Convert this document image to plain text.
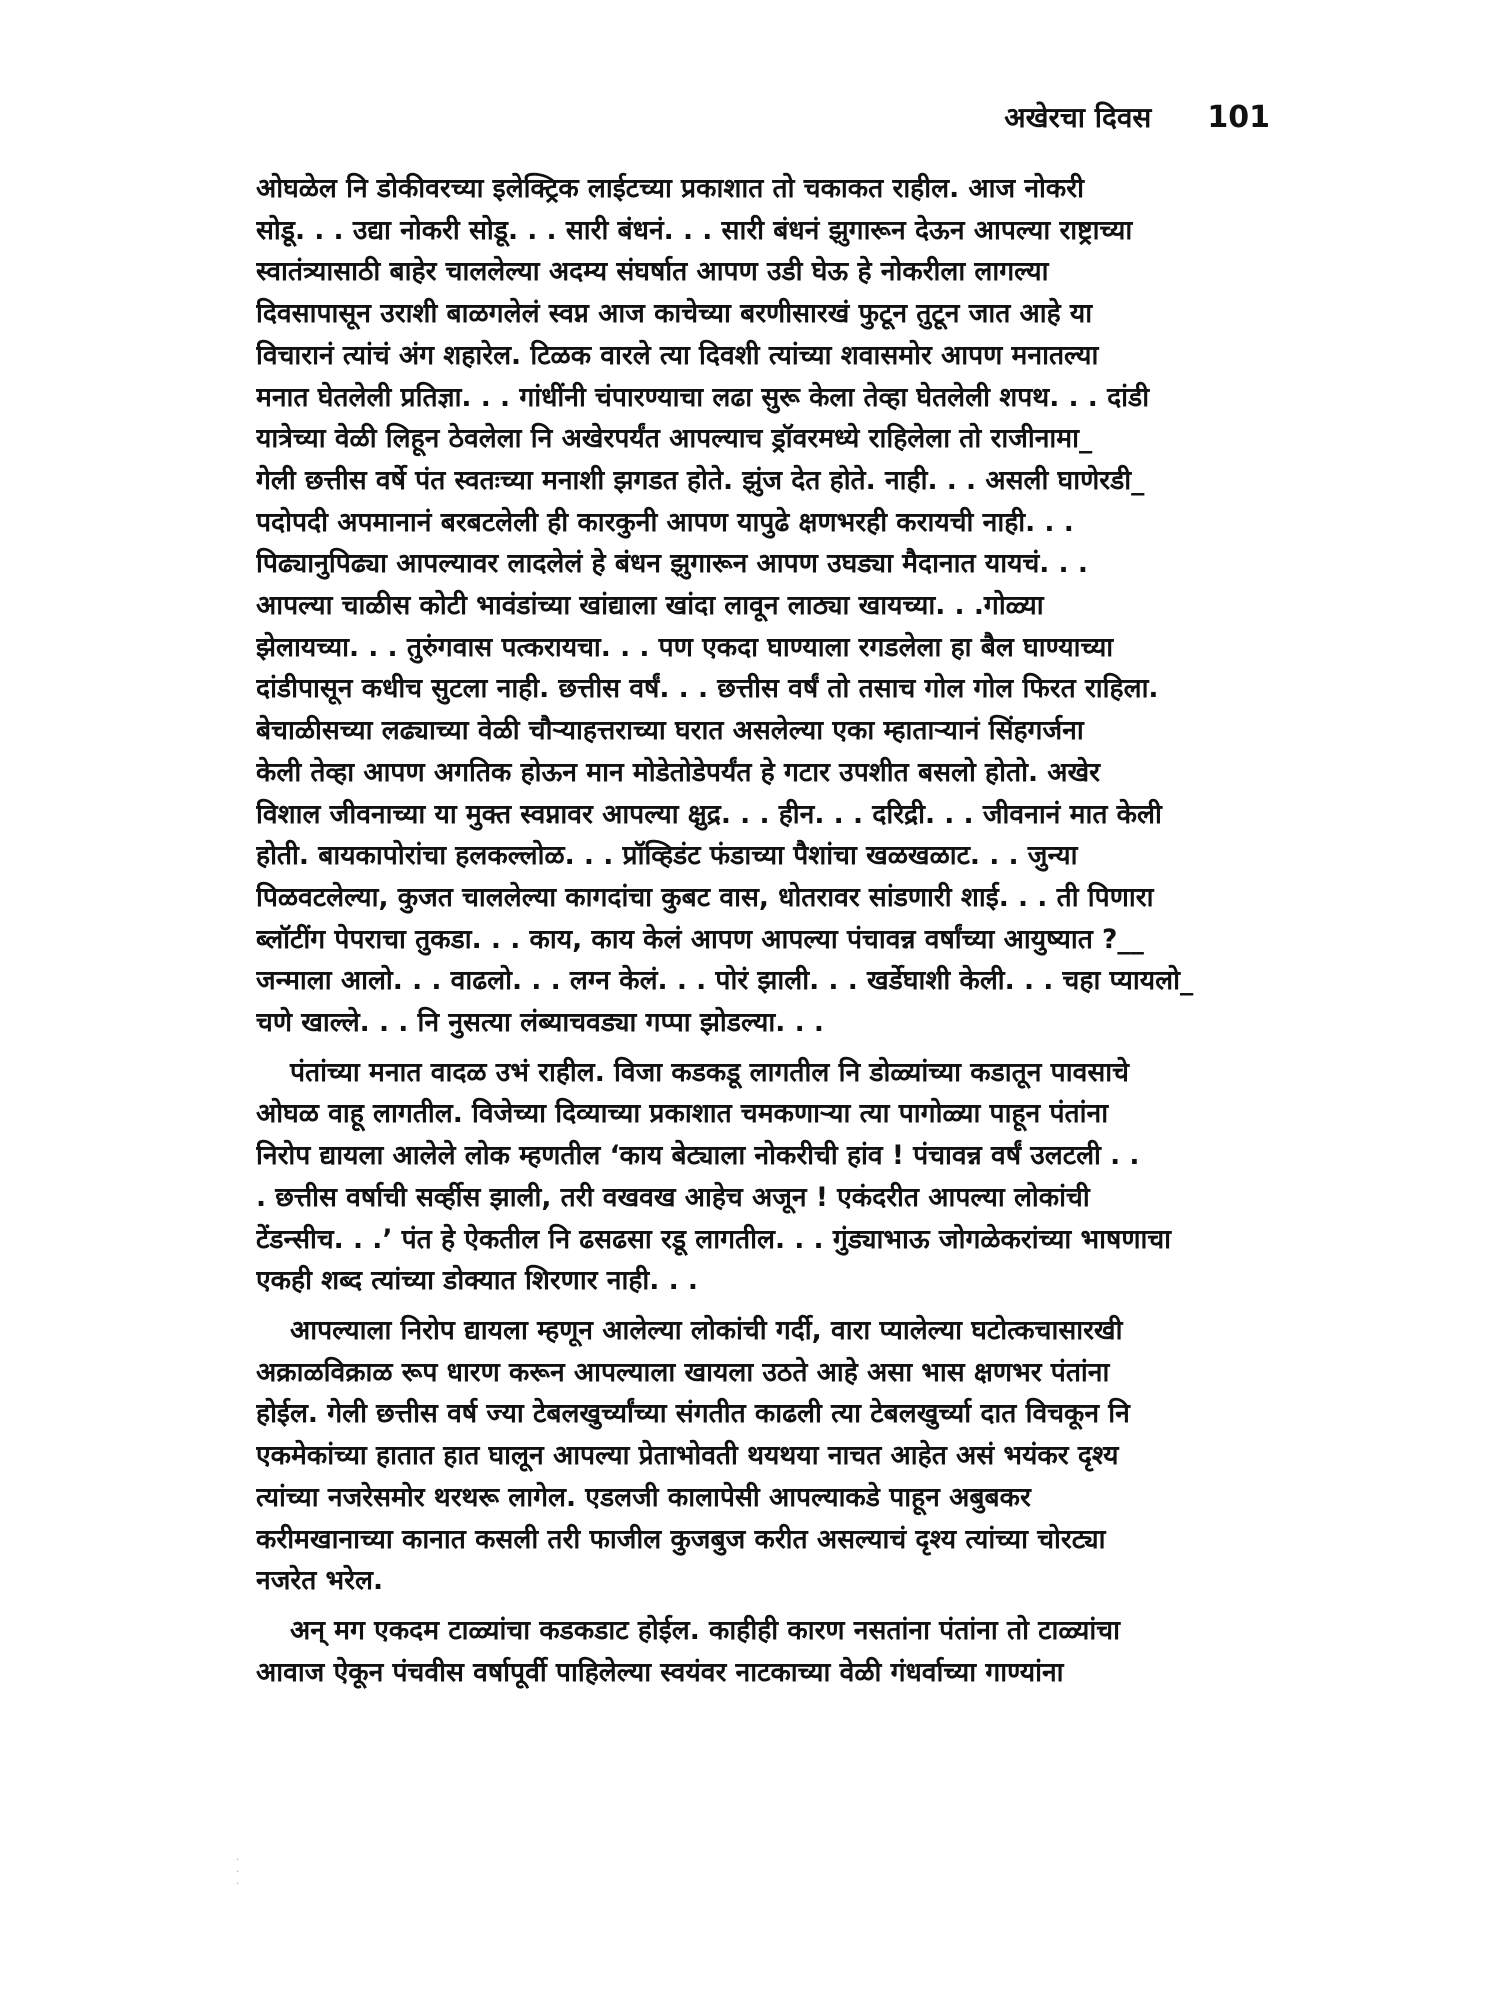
अखेरचा दिवस 101
ओघळेल नि डोकीवरच्या इलेक्ट्रिक लाईटच्या प्रकाशात तो चकाकत राहील. आज नोकरी
सोडू. . . उद्या नोकरी सोडू. . . सारी बंधनं. . . सारी बंधनं झुगारून देऊन आपल्या राष्ट्राच्या
स्वातंत्र्यासाठी बाहेर चाललेल्या अदम्य संघर्षात आपण उडी घेऊ हे नोकरीला लागल्या
दिवसापासून उराशी बाळगलेलं स्वप्न आज काचेच्या बरणीसारखं फुटून तुटून जात आहे या
विचारानं त्यांचं अंग शहारेल. टिळक वारले त्या दिवशी त्यांच्या शवासमोर आपण मनातल्या
मनात घेतलेली प्रतिज्ञा. . . गांधींनी चंपारण्याचा लढा सुरू केला तेव्हा घेतलेली शपथ. . . दांडी
यात्रेच्या वेळी लिहून ठेवलेला नि अखेरपर्यंत आपल्याच ड्रॉवरमध्ये राहिलेला तो राजीनामा_
गेली छत्तीस वर्षे पंत स्वतःच्या मनाशी झगडत होते. झुंज देत होते. नाही. . . असली घाणेरडी_
पदोपदी अपमानानं बरबटलेली ही कारकुनी आपण यापुढे क्षणभरही करायची नाही. . .
पिढ्यानुपिढ्या आपल्यावर लादलेलं हे बंधन झुगारून आपण उघड्या मैदानात यायचं. . .
आपल्या चाळीस कोटी भावंडांच्या खांद्याला खांदा लावून लाठ्या खायच्या. . .गोळ्या
झेलायच्या. . . तुरुंगवास पत्करायचा. . . पण एकदा घाण्याला रगडलेला हा बैल घाण्याच्या
दांडीपासून कधीच सुटला नाही. छत्तीस वर्षं. . . छत्तीस वर्षं तो तसाच गोल गोल फिरत राहिला.
बेचाळीसच्या लढ्याच्या वेळी चौऱ्याहत्तराच्या घरात असलेल्या एका म्हाताऱ्यानं सिंहगर्जना
केली तेव्हा आपण अगतिक होऊन मान मोडेतोडेपर्यंत हे गटार उपशीत बसलो होतो. अखेर
विशाल जीवनाच्या या मुक्त स्वप्नावर आपल्या क्षुद्र. . . हीन. . . दरिद्री. . . जीवनानं मात केली
होती. बायकापोरांचा हलकल्लोळ. . . प्रॉव्हिडंट फंडाच्या पैशांचा खळखळाट. . . जुन्या
पिळवटलेल्या, कुजत चाललेल्या कागदांचा कुबट वास, धोतरावर सांडणारी शाई. . . ती पिणारा
ब्लॉटींग पेपराचा तुकडा. . . काय, काय केलं आपण आपल्या पंचावन्न वर्षांच्या आयुष्यात ?__
जन्माला आलो. . . वाढलो. . . लग्न केलं. . . पोरं झाली. . . खर्डेघाशी केली. . . चहा प्यायलो_
चणे खाल्ले. . . नि नुसत्या लंब्याचवड्या गप्पा झोडल्या. . .
पंतांच्या मनात वादळ उभं राहील. विजा कडकडू लागतील नि डोळ्यांच्या कडातून पावसाचे
ओघळ वाहू लागतील. विजेच्या दिव्याच्या प्रकाशात चमकणाऱ्या त्या पागोळ्या पाहून पंतांना
निरोप द्यायला आलेले लोक म्हणतील ‘काय बेट्याला नोकरीची हांव ! पंचावन्न वर्षं उलटली . .
. छत्तीस वर्षाची सर्व्हीस झाली, तरी वखवख आहेच अजून ! एकंदरीत आपल्या लोकांची
टेंडन्सीच. . .’ पंत हे ऐकतील नि ढसढसा रडू लागतील. . . गुंड्याभाऊ जोगळेकरांच्या भाषणाचा
एकही शब्द त्यांच्या डोक्यात शिरणार नाही. . .
आपल्याला निरोप द्यायला म्हणून आलेल्या लोकांची गर्दी, वारा प्यालेल्या घटोत्कचासारखी
अक्राळविक्राळ रूप धारण करून आपल्याला खायला उठते आहे असा भास क्षणभर पंतांना
होईल. गेली छत्तीस वर्ष ज्या टेबलखुर्च्यांच्या संगतीत काढली त्या टेबलखुर्च्या दात विचकून नि
एकमेकांच्या हातात हात घालून आपल्या प्रेताभोवती थयथया नाचत आहेत असं भयंकर दृश्य
त्यांच्या नजरेसमोर थरथरू लागेल. एडलजी कालापेसी आपल्याकडे पाहून अबुबकर
करीमखानाच्या कानात कसली तरी फाजील कुजबुज करीत असल्याचं दृश्य त्यांच्या चोरट्या
नजरेत भरेल.
अन् मग एकदम टाळ्यांचा कडकडाट होईल. काहीही कारण नसतांना पंतांना तो टाळ्यांचा
आवाज ऐकून पंचवीस वर्षापूर्वी पाहिलेल्या स्वयंवर नाटकाच्या वेळी गंधर्वाच्या गाण्यांना
·
·
·
